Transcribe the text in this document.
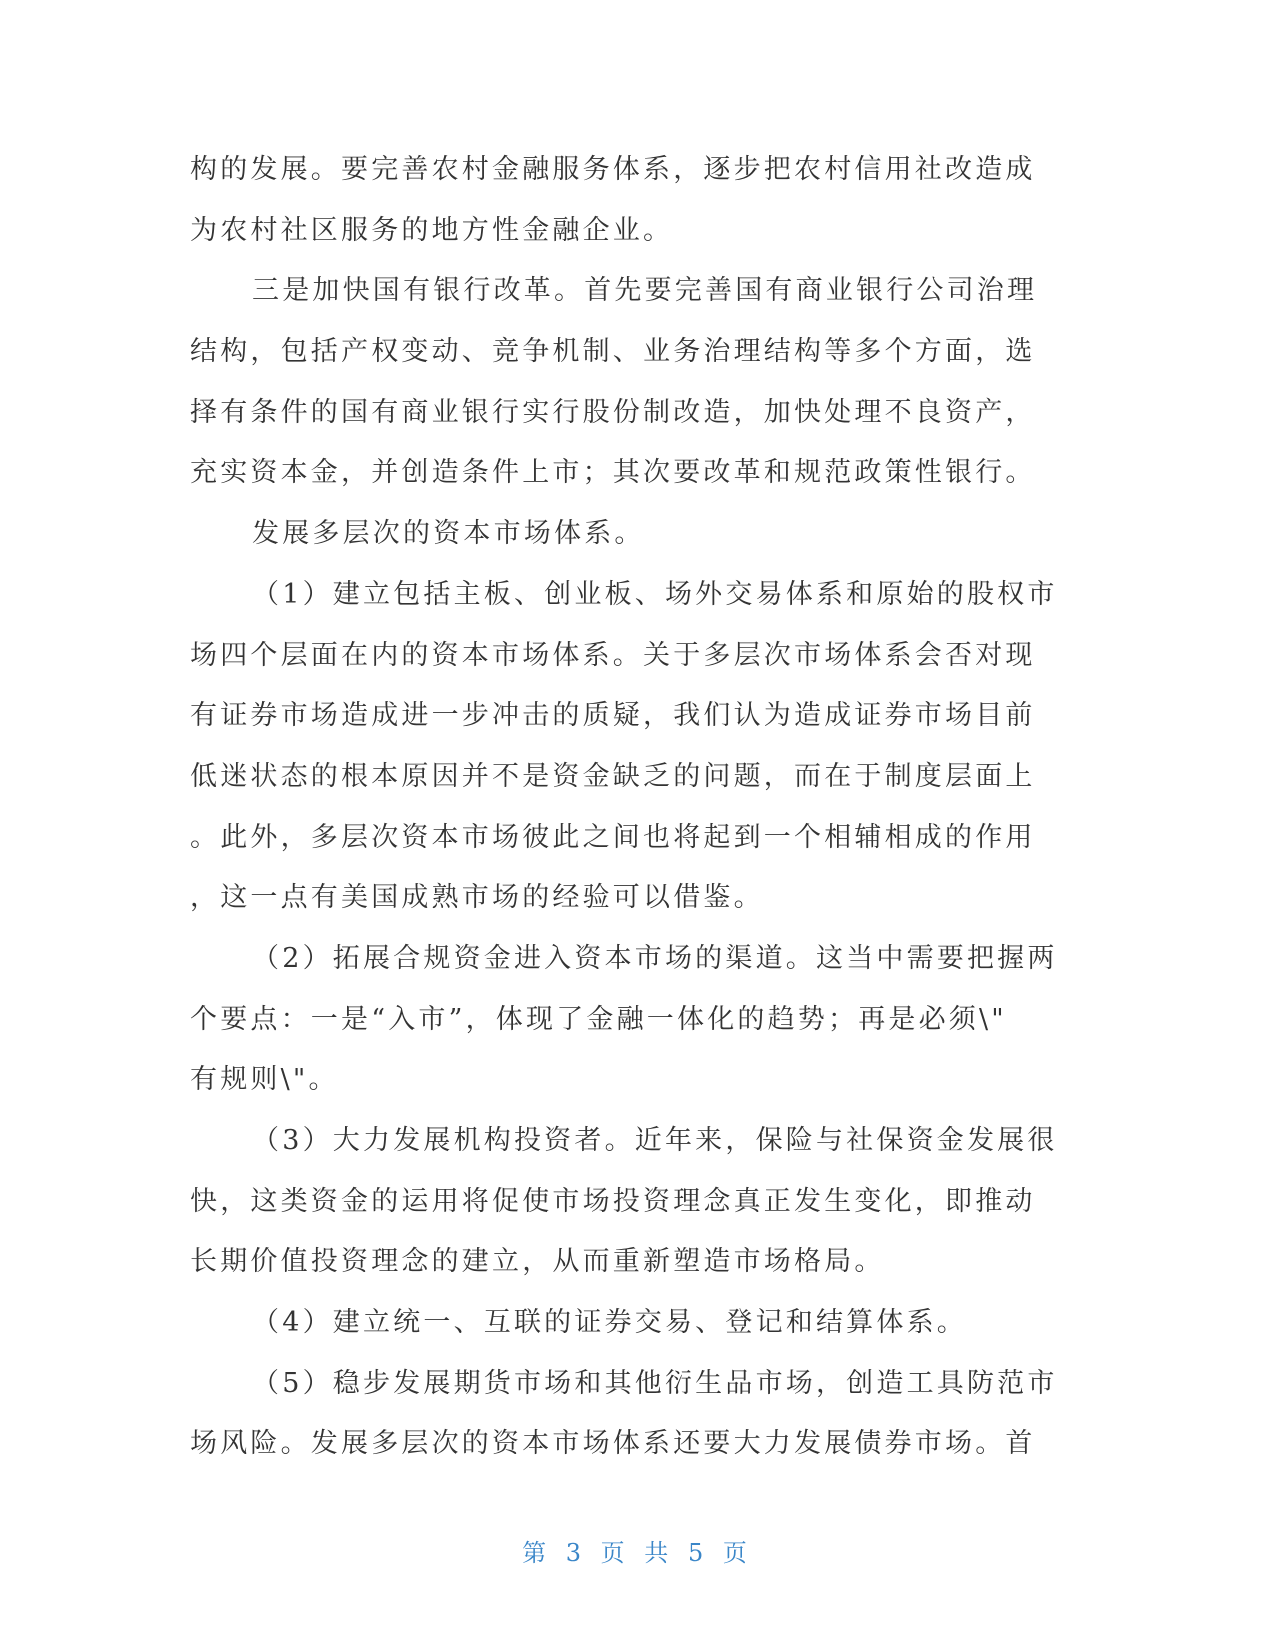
构的发展。要完善农村金融服务体系，逐步把农村信用社改造成
为农村社区服务的地方性金融企业。
三是加快国有银行改革。首先要完善国有商业银行公司治理
结构，包括产权变动、竞争机制、业务治理结构等多个方面，选
择有条件的国有商业银行实行股份制改造，加快处理不良资产，
充实资本金，并创造条件上市；其次要改革和规范政策性银行。
发展多层次的资本市场体系。
（1）建立包括主板、创业板、场外交易体系和原始的股权市
场四个层面在内的资本市场体系。关于多层次市场体系会否对现
有证券市场造成进一步冲击的质疑，我们认为造成证券市场目前
低迷状态的根本原因并不是资金缺乏的问题，而在于制度层面上
。此外，多层次资本市场彼此之间也将起到一个相辅相成的作用
，这一点有美国成熟市场的经验可以借鉴。
（2）拓展合规资金进入资本市场的渠道。这当中需要把握两
个要点：一是“入市”，体现了金融一体化的趋势；再是必须\"
有规则\"。
（3）大力发展机构投资者。近年来，保险与社保资金发展很
快，这类资金的运用将促使市场投资理念真正发生变化，即推动
长期价值投资理念的建立，从而重新塑造市场格局。
（4）建立统一、互联的证券交易、登记和结算体系。
（5）稳步发展期货市场和其他衍生品市场，创造工具防范市
场风险。发展多层次的资本市场体系还要大力发展债券市场。首
第 3 页 共 5 页
